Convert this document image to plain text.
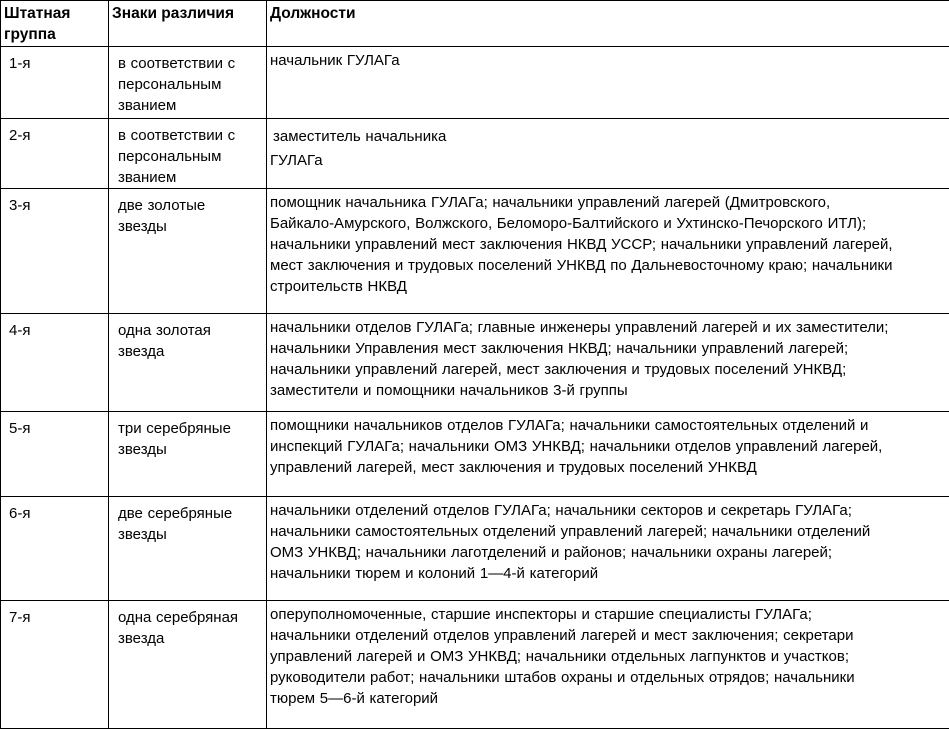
Штатная
группа	Знаки различия	Должности
1-я	в соответствии с
персональным
званием	начальник ГУЛАГа

2-я	в соответствии с
персональным
званием	заместитель начальника
ГУЛАГа

3-я	две золотые
звезды	помощник начальника ГУЛАГа; начальники управлений лагерей (Дмитровского,
Байкало-Амурского, Волжского, Беломоро-Балтийского и Ухтинско-Печорского ИТЛ);
начальники управлений мест заключения НКВД УССР; начальники управлений лагерей,
мест заключения и трудовых поселений УНКВД по Дальневосточному краю; начальники
строительств НКВД

4-я	одна золотая
звезда	начальники отделов ГУЛАГа; главные инженеры управлений лагерей и их заместители;
начальники Управления мест заключения НКВД; начальники управлений лагерей;
начальники управлений лагерей, мест заключения и трудовых поселений УНКВД;
заместители и помощники начальников 3-й группы

5-я	три серебряные
звезды	помощники начальников отделов ГУЛАГа; начальники самостоятельных отделений и
инспекций ГУЛАГа; начальники ОМЗ УНКВД; начальники отделов управлений лагерей,
управлений лагерей, мест заключения и трудовых поселений УНКВД

6-я	две серебряные
звезды	начальники отделений отделов ГУЛАГа; начальники секторов и секретарь ГУЛАГа;
начальники самостоятельных отделений управлений лагерей; начальники отделений
ОМЗ УНКВД; начальники лаготделений и районов; начальники охраны лагерей;
начальники тюрем и колоний 1—4-й категорий

7-я	одна серебряная
звезда	оперуполномоченные, старшие инспекторы и старшие специалисты ГУЛАГа;
начальники отделений отделов управлений лагерей и мест заключения; секретари
управлений лагерей и ОМЗ УНКВД; начальники отдельных лагпунктов и участков;
руководители работ; начальники штабов охраны и отдельных отрядов; начальники
тюрем 5—6-й категорий
